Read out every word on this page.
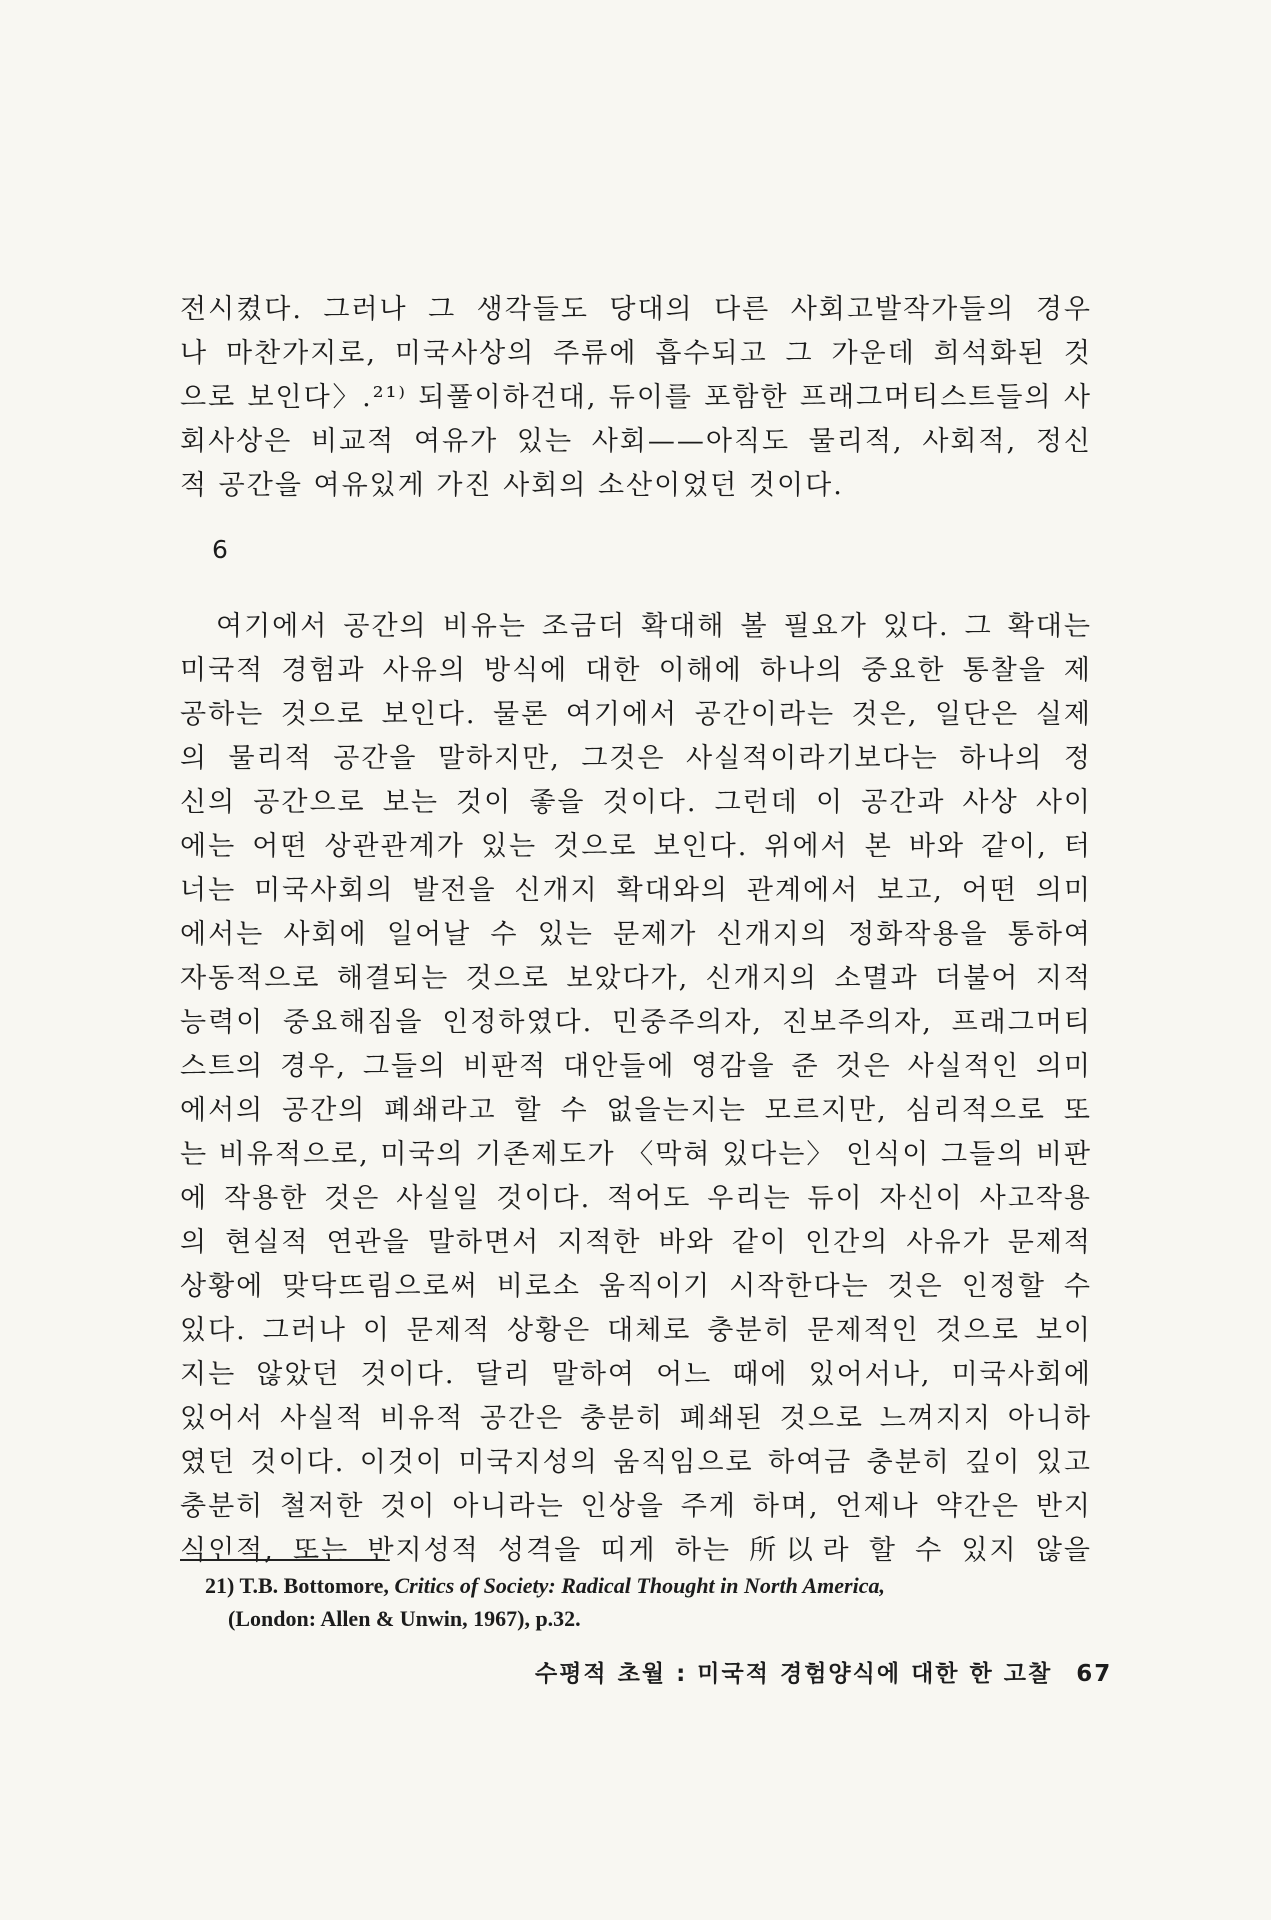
전시켰다. 그러나 그 생각들도 당대의 다른 사회고발작가들의 경우
나 마찬가지로, 미국사상의 주류에 흡수되고 그 가운데 희석화된 것
으로 보인다〉.²¹⁾ 되풀이하건대, 듀이를 포함한 프래그머티스트들의 사
회사상은 비교적 여유가 있는 사회——아직도 물리적, 사회적, 정신
적 공간을 여유있게 가진 사회의 소산이었던 것이다.
6
여기에서 공간의 비유는 조금더 확대해 볼 필요가 있다. 그 확대는
미국적 경험과 사유의 방식에 대한 이해에 하나의 중요한 통찰을 제
공하는 것으로 보인다. 물론 여기에서 공간이라는 것은, 일단은 실제
의 물리적 공간을 말하지만, 그것은 사실적이라기보다는 하나의 정
신의 공간으로 보는 것이 좋을 것이다. 그런데 이 공간과 사상 사이
에는 어떤 상관관계가 있는 것으로 보인다. 위에서 본 바와 같이, 터
너는 미국사회의 발전을 신개지 확대와의 관계에서 보고, 어떤 의미
에서는 사회에 일어날 수 있는 문제가 신개지의 정화작용을 통하여
자동적으로 해결되는 것으로 보았다가, 신개지의 소멸과 더불어 지적
능력이 중요해짐을 인정하였다. 민중주의자, 진보주의자, 프래그머티
스트의 경우, 그들의 비판적 대안들에 영감을 준 것은 사실적인 의미
에서의 공간의 폐쇄라고 할 수 없을는지는 모르지만, 심리적으로 또
는 비유적으로, 미국의 기존제도가 〈막혀 있다는〉 인식이 그들의 비판
에 작용한 것은 사실일 것이다. 적어도 우리는 듀이 자신이 사고작용
의 현실적 연관을 말하면서 지적한 바와 같이 인간의 사유가 문제적
상황에 맞닥뜨림으로써 비로소 움직이기 시작한다는 것은 인정할 수
있다. 그러나 이 문제적 상황은 대체로 충분히 문제적인 것으로 보이
지는 않았던 것이다. 달리 말하여 어느 때에 있어서나, 미국사회에
있어서 사실적 비유적 공간은 충분히 폐쇄된 것으로 느껴지지 아니하
였던 것이다. 이것이 미국지성의 움직임으로 하여금 충분히 깊이 있고
충분히 철저한 것이 아니라는 인상을 주게 하며, 언제나 약간은 반지
식인적, 또는 반지성적 성격을 띠게 하는 所以라 할 수 있지 않을
21) T.B. Bottomore, Critics of Society: Radical Thought in North America,
(London: Allen & Unwin, 1967), p.32.
수평적 초월 : 미국적 경험양식에 대한 한 고찰 67
